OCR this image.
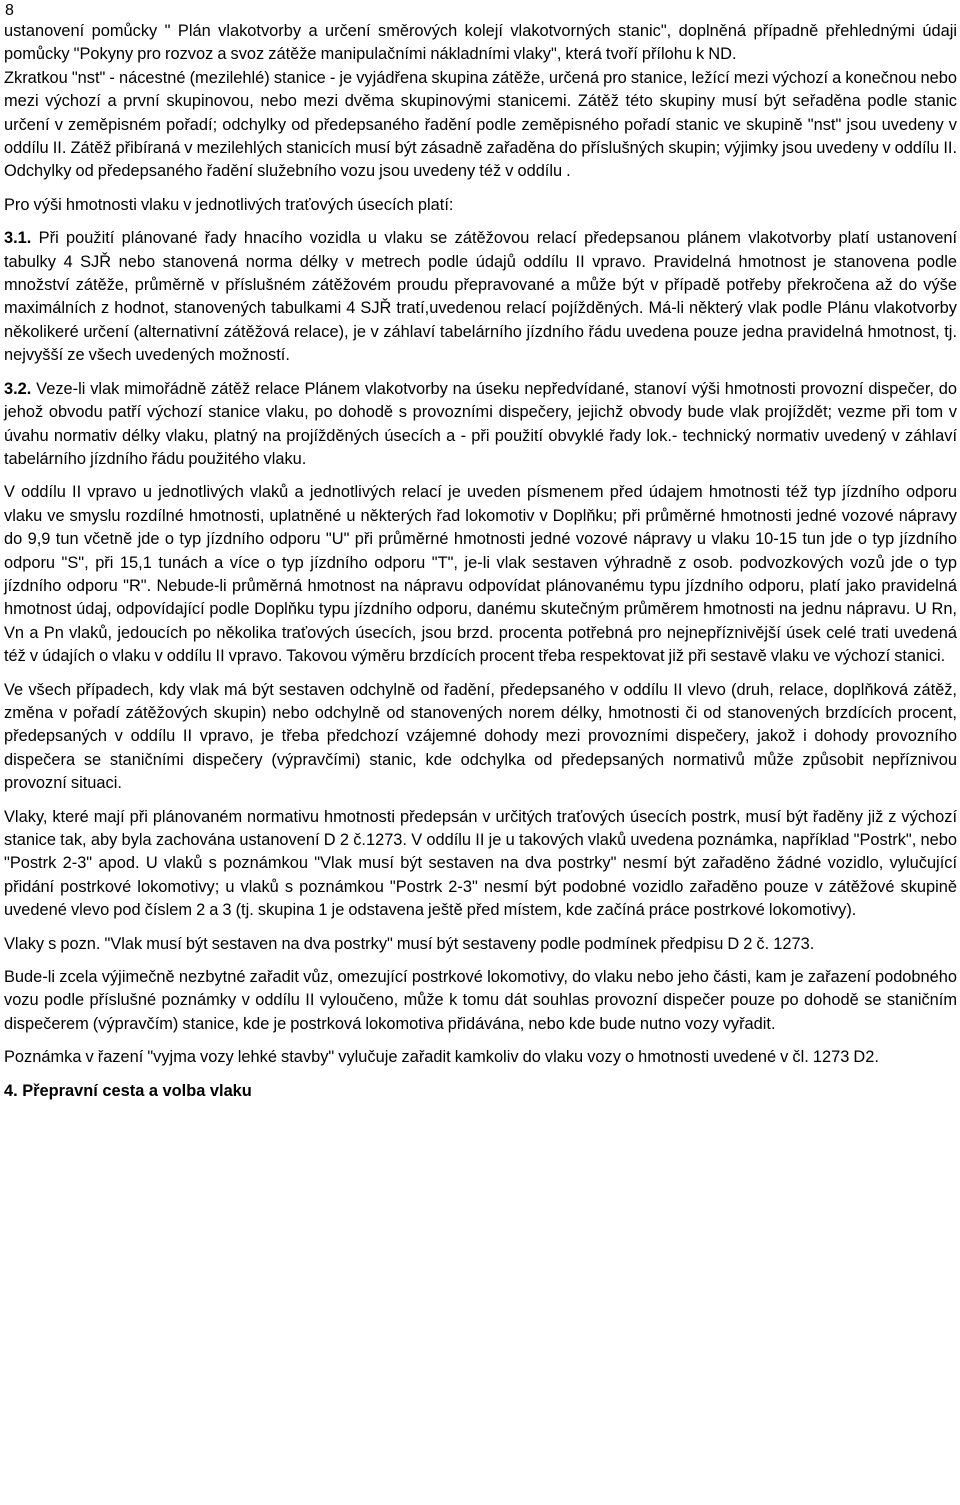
8

ustanovení pomůcky " Plán vlakotvorby a určení směrových kolejí vlakotvorných stanic", doplněná případně přehlednými údaji pomůcky "Pokyny pro rozvoz a svoz zátěže manipulačními nákladními vlaky", která tvoří přílohu k ND.

Zkratkou "nst" - nácestné (mezilehlé) stanice - je vyjádřena skupina zátěže, určená pro stanice, ležící mezi výchozí a konečnou nebo mezi výchozí a první skupinovou, nebo mezi dvěma skupinovými stanicemi. Zátěž této skupiny musí být seřaděna podle stanic určení v zeměpisném pořadí; odchylky od předepsaného řadění podle zeměpisného pořadí stanic ve skupině "nst" jsou uvedeny v oddílu II. Zátěž přibíraná v mezilehlých stanicích musí být zásadně zařaděna do příslušných skupin; výjimky jsou uvedeny v oddílu II. Odchylky od předepsaného řadění služebního vozu jsou uvedeny též v oddílu .

Pro výši hmotnosti vlaku v jednotlivých traťových úsecích platí:

3.1. Při použití plánované řady hnacího vozidla u vlaku se zátěžovou relací předepsanou plánem vlakotvorby platí ustanovení tabulky 4 SJŘ nebo stanovená norma délky v metrech podle údajů oddílu II vpravo. Pravidelná hmotnost je stanovena podle množství zátěže, průměrně v příslušném zátěžovém proudu přepravované a může být v případě potřeby překročena až do výše maximálních z hodnot, stanovených tabulkami 4 SJŘ tratí,uvedenou relací pojížděných. Má-li některý vlak podle Plánu vlakotvorby několikeré určení (alternativní zátěžová relace), je v záhlaví tabelárního jízdního řádu uvedena pouze jedna pravidelná hmotnost, tj. nejvyšší ze všech uvedených možností.

3.2. Veze-li vlak mimořádně zátěž relace Plánem vlakotvorby na úseku nepředvídané, stanoví výši hmotnosti provozní dispečer, do jehož obvodu patří výchozí stanice vlaku, po dohodě s provozními dispečery, jejichž obvody bude vlak projíždět; vezme při tom v úvahu normativ délky vlaku, platný na projížděných úsecích a - při použití obvyklé řady lok.- technický normativ uvedený v záhlaví tabelárního jízdního řádu použitého vlaku.

V oddílu II vpravo u jednotlivých vlaků a jednotlivých relací je uveden písmenem před údajem hmotnosti též typ jízdního odporu vlaku ve smyslu rozdílné hmotnosti, uplatněné u některých řad lokomotiv v Doplňku; při průměrné hmotnosti jedné vozové nápravy do 9,9 tun včetně jde o typ jízdního odporu "U" při průměrné hmotnosti jedné vozové nápravy u vlaku 10-15 tun jde o typ jízdního odporu "S", při 15,1 tunách a více o typ jízdního odporu "T", je-li vlak sestaven výhradně z osob. podvozkových vozů jde o typ jízdního odporu "R". Nebude-li průměrná hmotnost na nápravu odpovídat plánovanému typu jízdního odporu, platí jako pravidelná hmotnost údaj, odpovídající podle Doplňku typu jízdního odporu, danému skutečným průměrem hmotnosti na jednu nápravu. U Rn, Vn a Pn vlaků, jedoucích po několika traťových úsecích, jsou brzd. procenta potřebná pro nejnepříznivější úsek celé trati uvedená též v údajích o vlaku v oddílu II vpravo. Takovou výměru brzdících procent třeba respektovat již při sestavě vlaku ve výchozí stanici.

Ve všech případech, kdy vlak má být sestaven odchylně od řadění, předepsaného v oddílu II vlevo (druh, relace, doplňková zátěž, změna v pořadí zátěžových skupin) nebo odchylně od stanovených norem délky, hmotnosti či od stanovených brzdících procent, předepsaných v oddílu II vpravo, je třeba předchozí vzájemné dohody mezi provozními dispečery, jakož i dohody provozního dispečera se staničními dispečery (výpravčími) stanic, kde odchylka od předepsaných normativů může způsobit nepříznivou provozní situaci.

Vlaky, které mají při plánovaném normativu hmotnosti předepsán v určitých traťových úsecích postrk, musí být řaděny již z výchozí stanice tak, aby byla zachována ustanovení D 2 č.1273. V oddílu II je u takových vlaků uvedena poznámka, například "Postrk", nebo "Postrk 2-3" apod. U vlaků s poznámkou "Vlak musí být sestaven na dva postrky" nesmí být zařaděno žádné vozidlo, vylučující přidání postrkové lokomotivy; u vlaků s poznámkou "Postrk 2-3" nesmí být podobné vozidlo zařaděno pouze v zátěžové skupině uvedené vlevo pod číslem 2 a 3 (tj. skupina 1 je odstavena ještě před místem, kde začíná práce postrkové lokomotivy).

Vlaky s pozn. "Vlak musí být sestaven na dva postrky" musí být sestaveny podle podmínek předpisu D 2 č. 1273.

Bude-li zcela výjimečně nezbytné zařadit vůz, omezující postrkové lokomotivy, do vlaku nebo jeho části, kam je zařazení podobného vozu podle příslušné poznámky v oddílu II vyloučeno, může k tomu dát souhlas provozní dispečer pouze po dohodě se staničním dispečerem (výpravčím) stanice, kde je postrková lokomotiva přidávána, nebo kde bude nutno vozy vyřadit.

Poznámka v řazení "vyjma vozy lehké stavby" vylučuje zařadit kamkoliv do vlaku vozy o hmotnosti uvedené v čl. 1273 D2.

4. Přepravní cesta a volba vlaku
